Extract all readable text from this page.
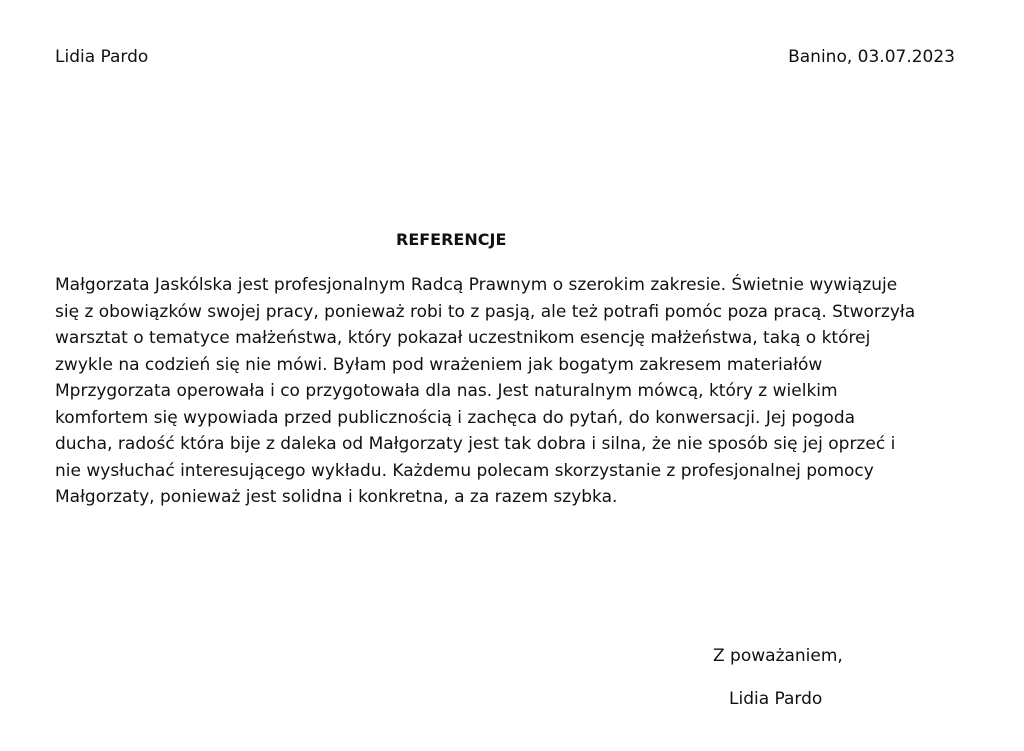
Lidia Pardo	Banino, 03.07.2023
REFERENCJE
Małgorzata Jaskólska jest profesjonalnym Radcą Prawnym o szerokim zakresie. Świetnie wywiązuje
się z obowiązków swojej pracy, ponieważ robi to z pasją, ale też potrafi pomóc poza pracą. Stworzyła
warsztat o tematyce małżeństwa, który pokazał uczestnikom esencję małżeństwa, taką o której
zwykle na codzień się nie mówi. Byłam pod wrażeniem jak bogatym zakresem materiałów
Mprzygorzata operowała i co przygotowała dla nas. Jest naturalnym mówcą, który z wielkim
komfortem się wypowiada przed publicznością i zachęca do pytań, do konwersacji. Jej pogoda
ducha, radość która bije z daleka od Małgorzaty jest tak dobra i silna, że nie sposób się jej oprzeć i
nie wysłuchać interesującego wykładu. Każdemu polecam skorzystanie z profesjonalnej pomocy
Małgorzaty, ponieważ jest solidna i konkretna, a za razem szybka.
Z poważaniem,
Lidia Pardo
